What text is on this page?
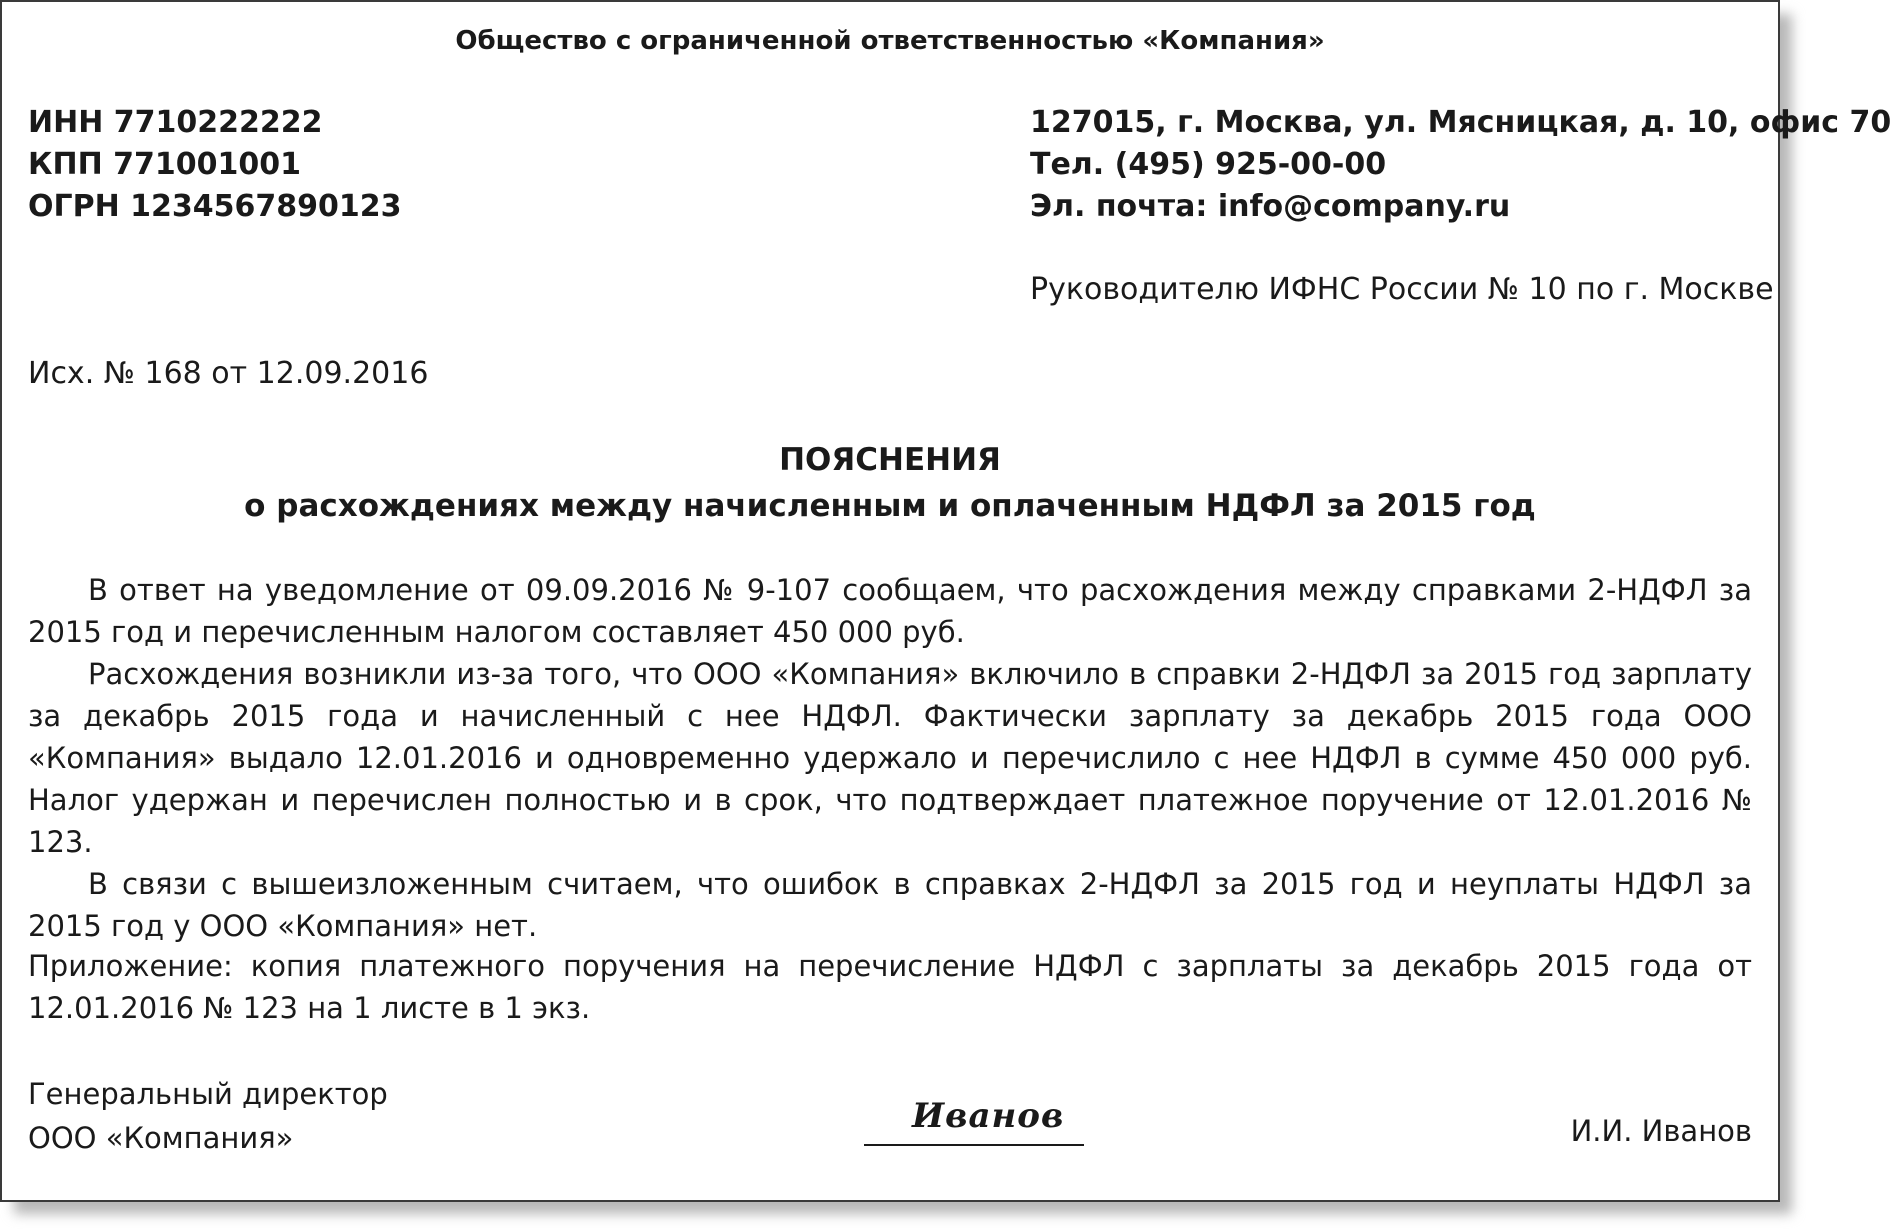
Общество с ограниченной ответственностью «Компания»
ИНН 7710222222
КПП 771001001
ОГРН 1234567890123
127015, г. Москва, ул. Мясницкая, д. 10, офис 70
Тел. (495) 925-00-00
Эл. почта: info@company.ru
Руководителю ИФНС России № 10 по г. Москве
Исх. № 168 от 12.09.2016
ПОЯСНЕНИЯ
о расхождениях между начисленным и оплаченным НДФЛ за 2015 год

В ответ на уведомление от 09.09.2016 № 9-107 сообщаем, что расхождения между справками 2-НДФЛ за 2015 год и перечисленным налогом составляет 450 000 руб.

Расхождения возникли из-за того, что ООО «Компания» включило в справки 2-НДФЛ за 2015 год зарплату за декабрь 2015 года и начисленный с нее НДФЛ. Фактически зарплату за декабрь 2015 года ООО «Компания» выдало 12.01.2016 и одновременно удержало и перечислило с нее НДФЛ в сумме 450 000 руб. Налог удержан и перечислен полностью и в срок, что подтверждает платежное поручение от 12.01.2016 № 123.

В связи с вышеизложенным считаем, что ошибок в справках 2-НДФЛ за 2015 год и неуплаты НДФЛ за 2015 год у ООО «Компания» нет.

Приложение: копия платежного поручения на перечисление НДФЛ с зарплаты за декабрь 2015 года от 12.01.2016 № 123 на 1 листе в 1 экз.

Генеральный директор
ООО «Компания»
Иванов	И.И. Иванов
